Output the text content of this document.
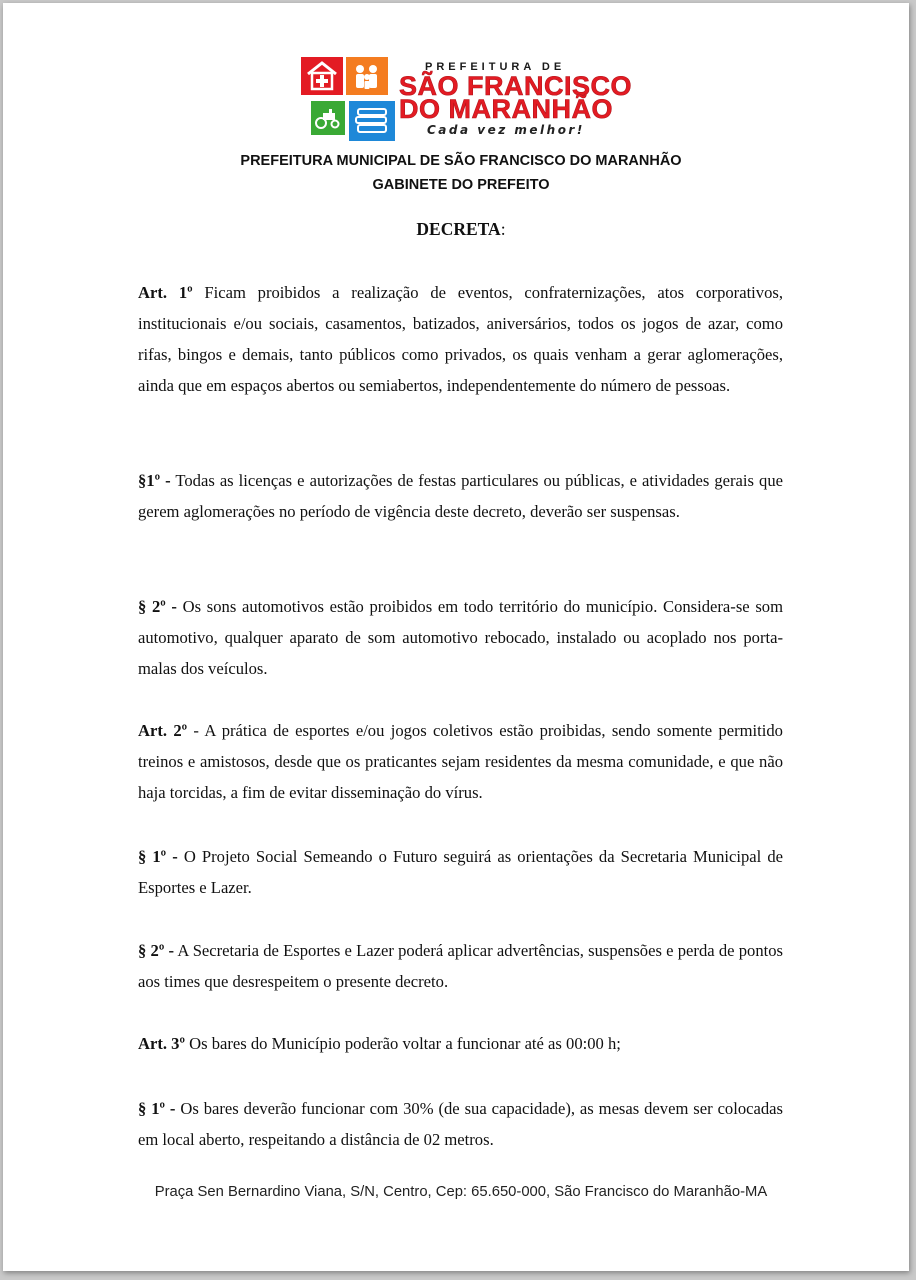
PREFEITURA DE
SÃO FRANCISCO
DO MARANHÃO
Cada vez melhor!
PREFEITURA MUNICIPAL DE SÃO FRANCISCO DO MARANHÃO
GABINETE DO PREFEITO
DECRETA:
Art. 1º Ficam proibidos a realização de eventos, confraternizações, atos corporativos, institucionais e/ou sociais, casamentos, batizados, aniversários, todos os jogos de azar, como rifas, bingos e demais, tanto públicos como privados, os quais venham a gerar aglomerações, ainda que em espaços abertos ou semiabertos, independentemente do número de pessoas.
§1º - Todas as licenças e autorizações de festas particulares ou públicas, e atividades gerais que gerem aglomerações no período de vigência deste decreto, deverão ser suspensas.
§ 2º - Os sons automotivos estão proibidos em todo território do município. Considera-se som automotivo, qualquer aparato de som automotivo rebocado, instalado ou acoplado nos porta-malas dos veículos.
Art. 2º - A prática de esportes e/ou jogos coletivos estão proibidas, sendo somente permitido treinos e amistosos, desde que os praticantes sejam residentes da mesma comunidade, e que não haja torcidas, a fim de evitar disseminação do vírus.
§ 1º - O Projeto Social Semeando o Futuro seguirá as orientações da Secretaria Municipal de Esportes e Lazer.
§ 2º - A Secretaria de Esportes e Lazer poderá aplicar advertências, suspensões e perda de pontos aos times que desrespeitem o presente decreto.
Art. 3º Os bares do Município poderão voltar a funcionar até as 00:00 h;
§ 1º - Os bares deverão funcionar com 30% (de sua capacidade), as mesas devem ser colocadas em local aberto, respeitando a distância de 02 metros.
Praça Sen Bernardino Viana, S/N, Centro, Cep: 65.650-000, São Francisco do Maranhão-MA
